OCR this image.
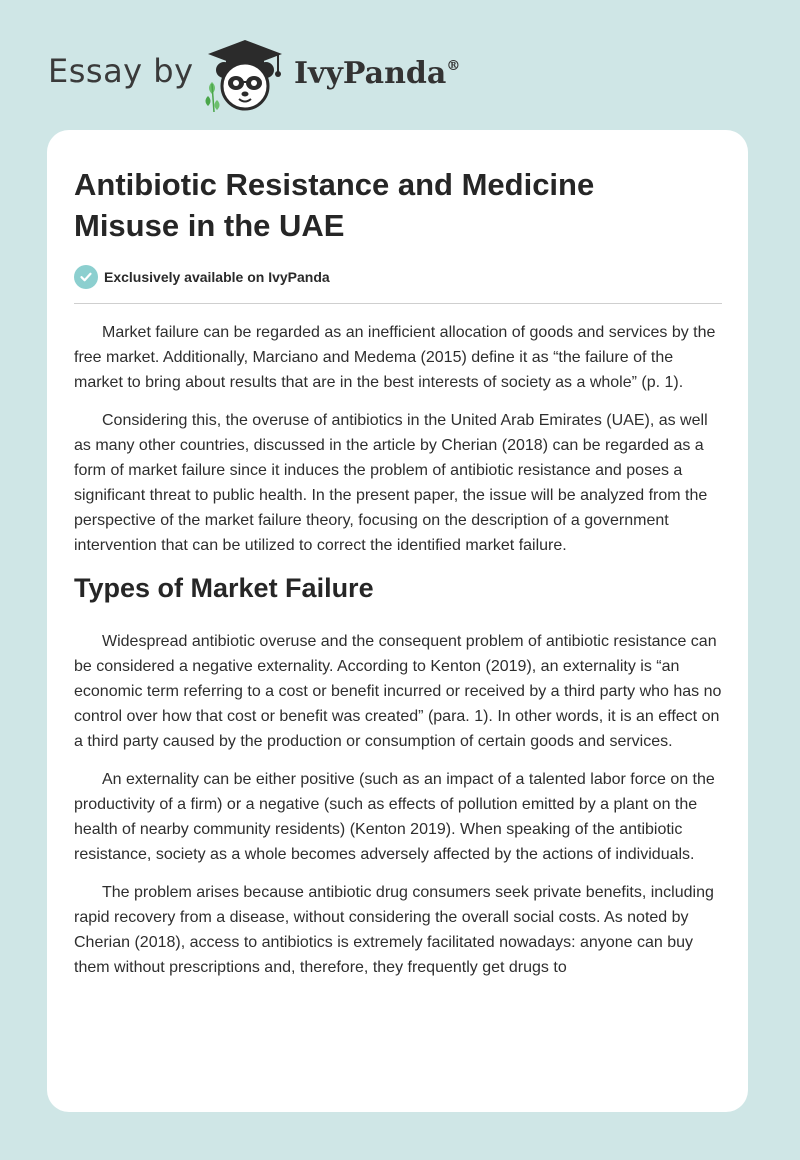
Essay by	IvyPanda®
Antibiotic Resistance and Medicine Misuse in the UAE
Exclusively available on IvyPanda

Market failure can be regarded as an inefficient allocation of goods and services by the free market. Additionally, Marciano and Medema (2015) define it as “the failure of the market to bring about results that are in the best interests of society as a whole” (p. 1).

Considering this, the overuse of antibiotics in the United Arab Emirates (UAE), as well as many other countries, discussed in the article by Cherian (2018) can be regarded as a form of market failure since it induces the problem of antibiotic resistance and poses a significant threat to public health. In the present paper, the issue will be analyzed from the perspective of the market failure theory, focusing on the description of a government intervention that can be utilized to correct the identified market failure.

Types of Market Failure

Widespread antibiotic overuse and the consequent problem of antibiotic resistance can be considered a negative externality. According to Kenton (2019), an externality is “an economic term referring to a cost or benefit incurred or received by a third party who has no control over how that cost or benefit was created” (para. 1). In other words, it is an effect on a third party caused by the production or consumption of certain goods and services.

An externality can be either positive (such as an impact of a talented labor force on the productivity of a firm) or a negative (such as effects of pollution emitted by a plant on the health of nearby community residents) (Kenton 2019). When speaking of the antibiotic resistance, society as a whole becomes adversely affected by the actions of individuals.

The problem arises because antibiotic drug consumers seek private benefits, including rapid recovery from a disease, without considering the overall social costs. As noted by Cherian (2018), access to antibiotics is extremely facilitated nowadays: anyone can buy them without prescriptions and, therefore, they frequently get drugs to
